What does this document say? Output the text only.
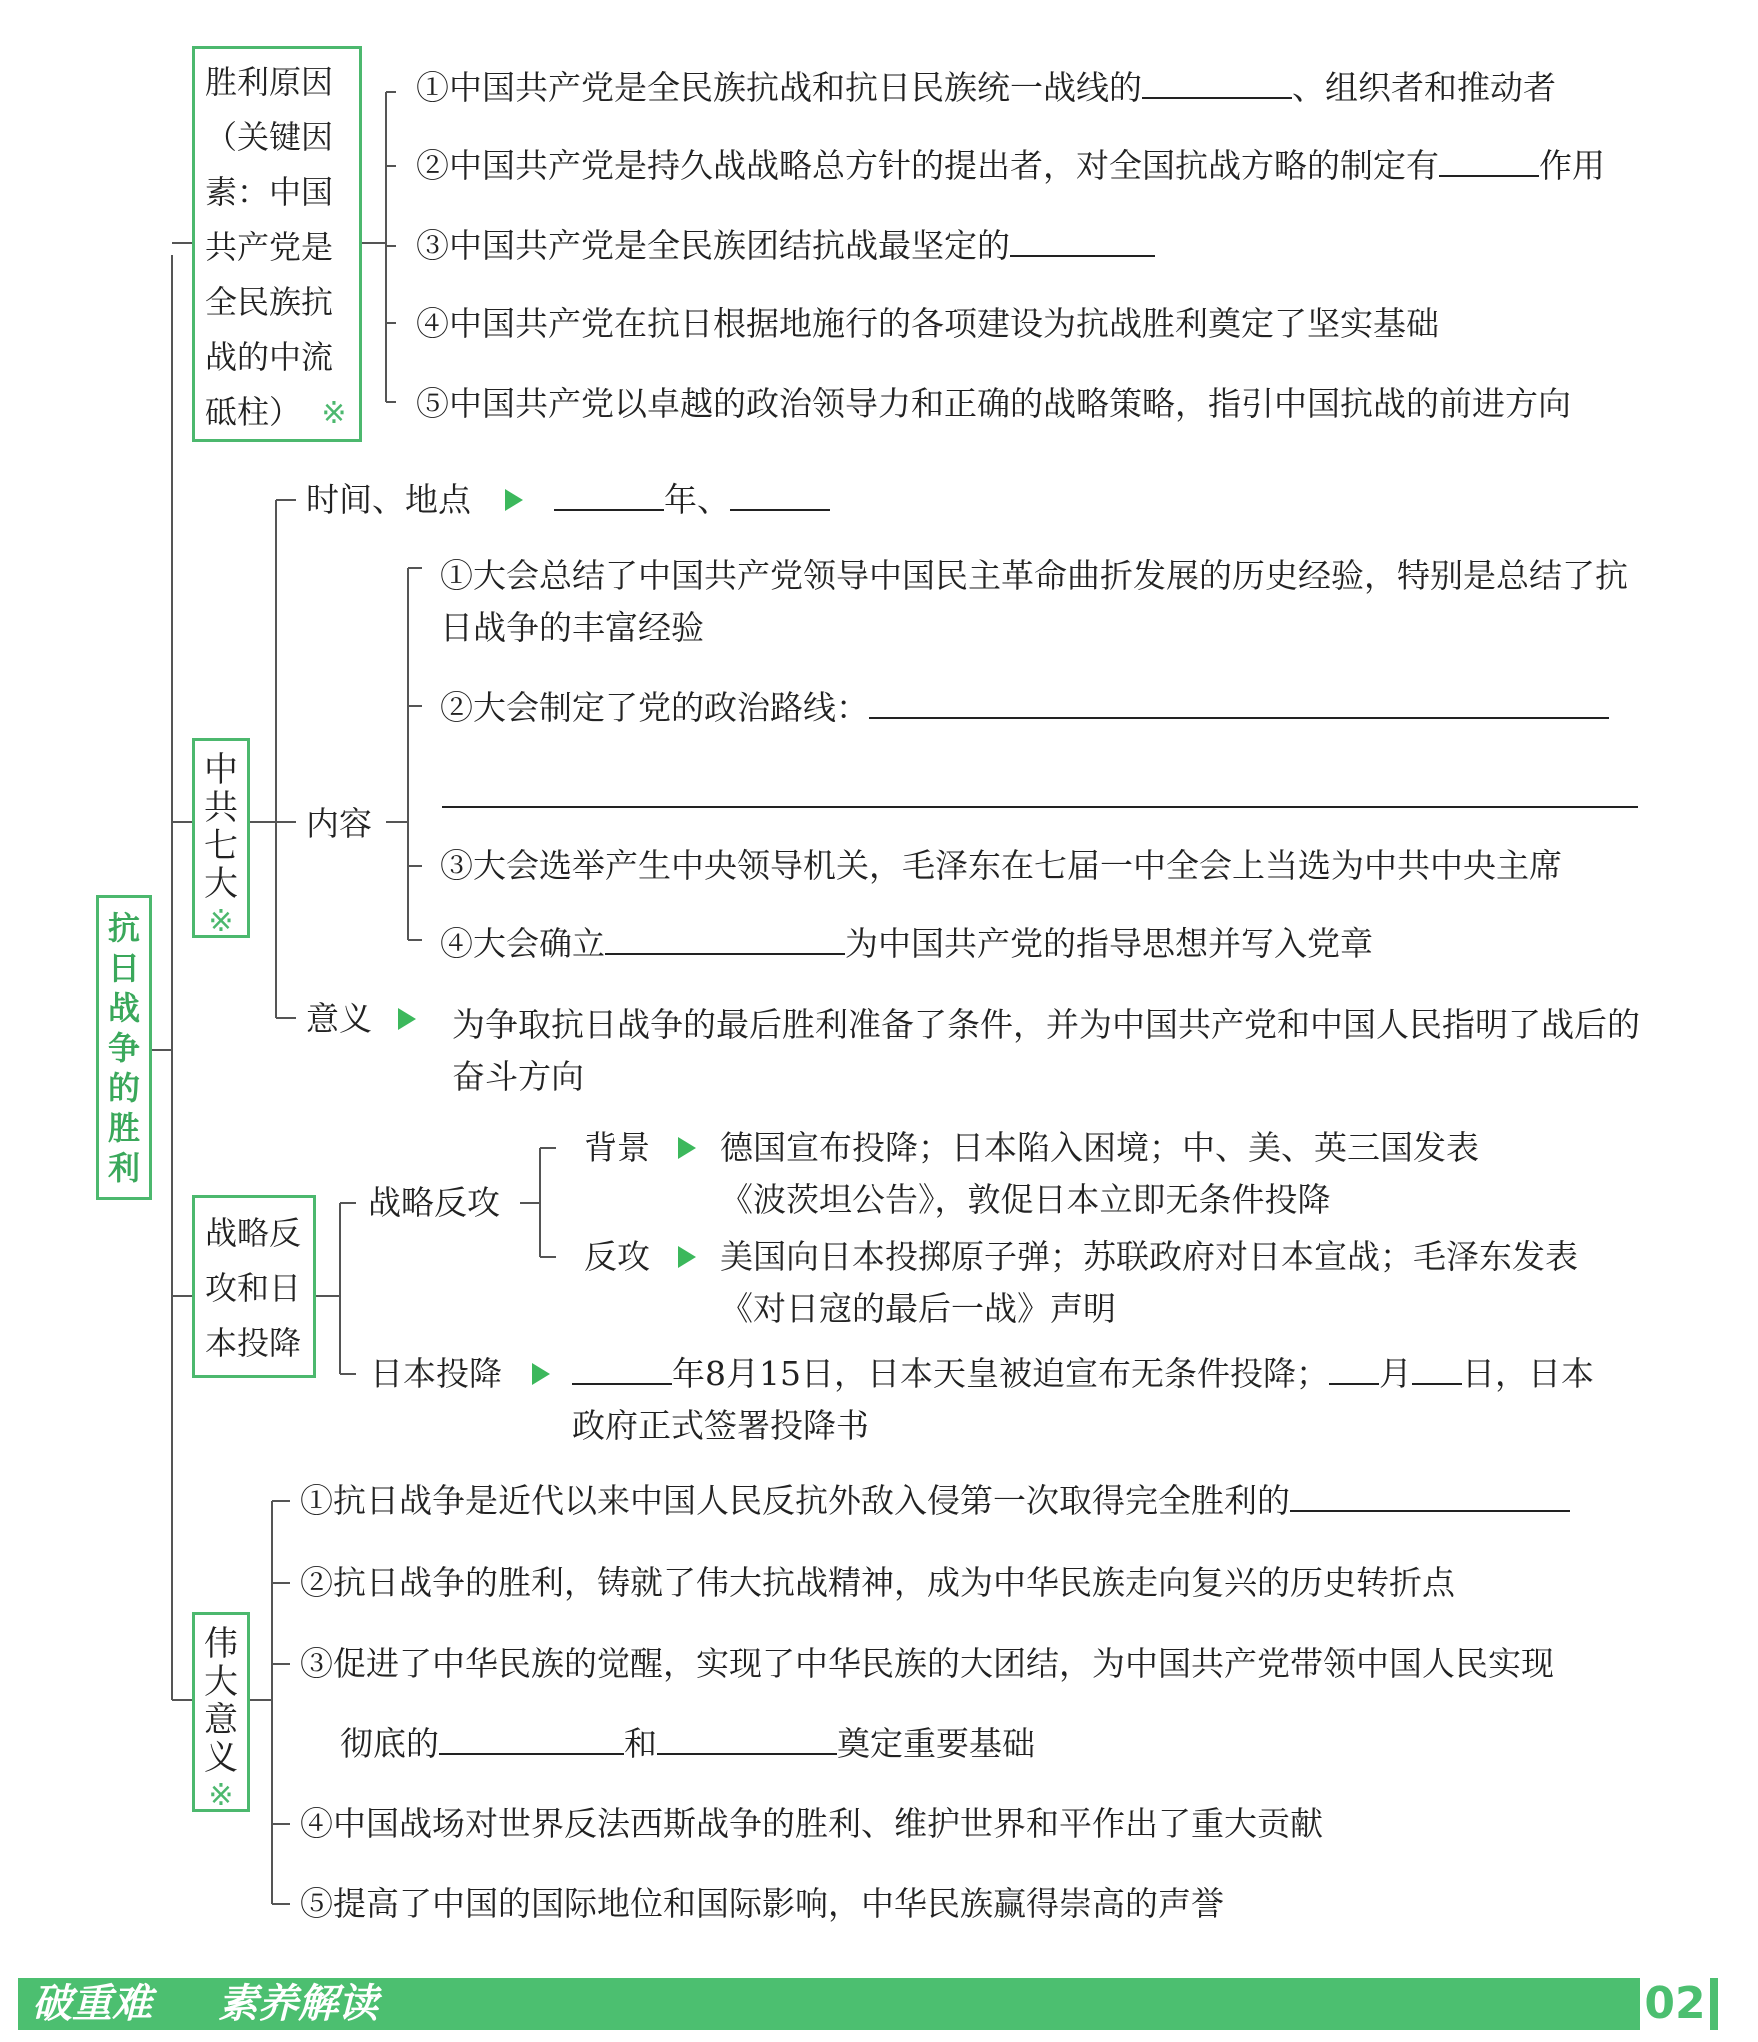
抗
日
战
争
的
胜
利
胜利原因
（关键因
素：中国
共产党是
全民族抗
战的中流
砥柱） ※
①中国共产党是全民族抗战和抗日民族统一战线的	、组织者和推动者
②中国共产党是持久战战略总方针的提出者，对全国抗战方略的制定有	作用
③中国共产党是全民族团结抗战最坚定的
④中国共产党在抗日根据地施行的各项建设为抗战胜利奠定了坚实基础
⑤中国共产党以卓越的政治领导力和正确的战略策略，指引中国抗战的前进方向
中
共
七
大
※
时间、地点	年、
内容
①大会总结了中国共产党领导中国民主革命曲折发展的历史经验，特别是总结了抗日战争的丰富经验
②大会制定了党的政治路线：
③大会选举产生中央领导机关，毛泽东在七届一中全会上当选为中共中央主席
④大会确立	为中国共产党的指导思想并写入党章
意义 为争取抗日战争的最后胜利准备了条件，并为中国共产党和中国人民指明了战后的奋斗方向
战略反
攻和日
本投降
战略反攻
背景 德国宣布投降；日本陷入困境；中、美、英三国发表
《波茨坦公告》，敦促日本立即无条件投降
反攻 美国向日本投掷原子弹；苏联政府对日本宣战；毛泽东发表
《对日寇的最后一战》声明
日本投降	年8月15日，日本天皇被迫宣布无条件投降； 月 日，日本
政府正式签署投降书
伟
大
意
义
※
①抗日战争是近代以来中国人民反抗外敌入侵第一次取得完全胜利的
②抗日战争的胜利，铸就了伟大抗战精神，成为中华民族走向复兴的历史转折点
③促进了中华民族的觉醒，实现了中华民族的大团结，为中国共产党带领中国人民实现
彻底的	和	奠定重要基础
④中国战场对世界反法西斯战争的胜利、维护世界和平作出了重大贡献
⑤提高了中国的国际地位和国际影响，中华民族赢得崇高的声誉
破重难 素养解读	02
